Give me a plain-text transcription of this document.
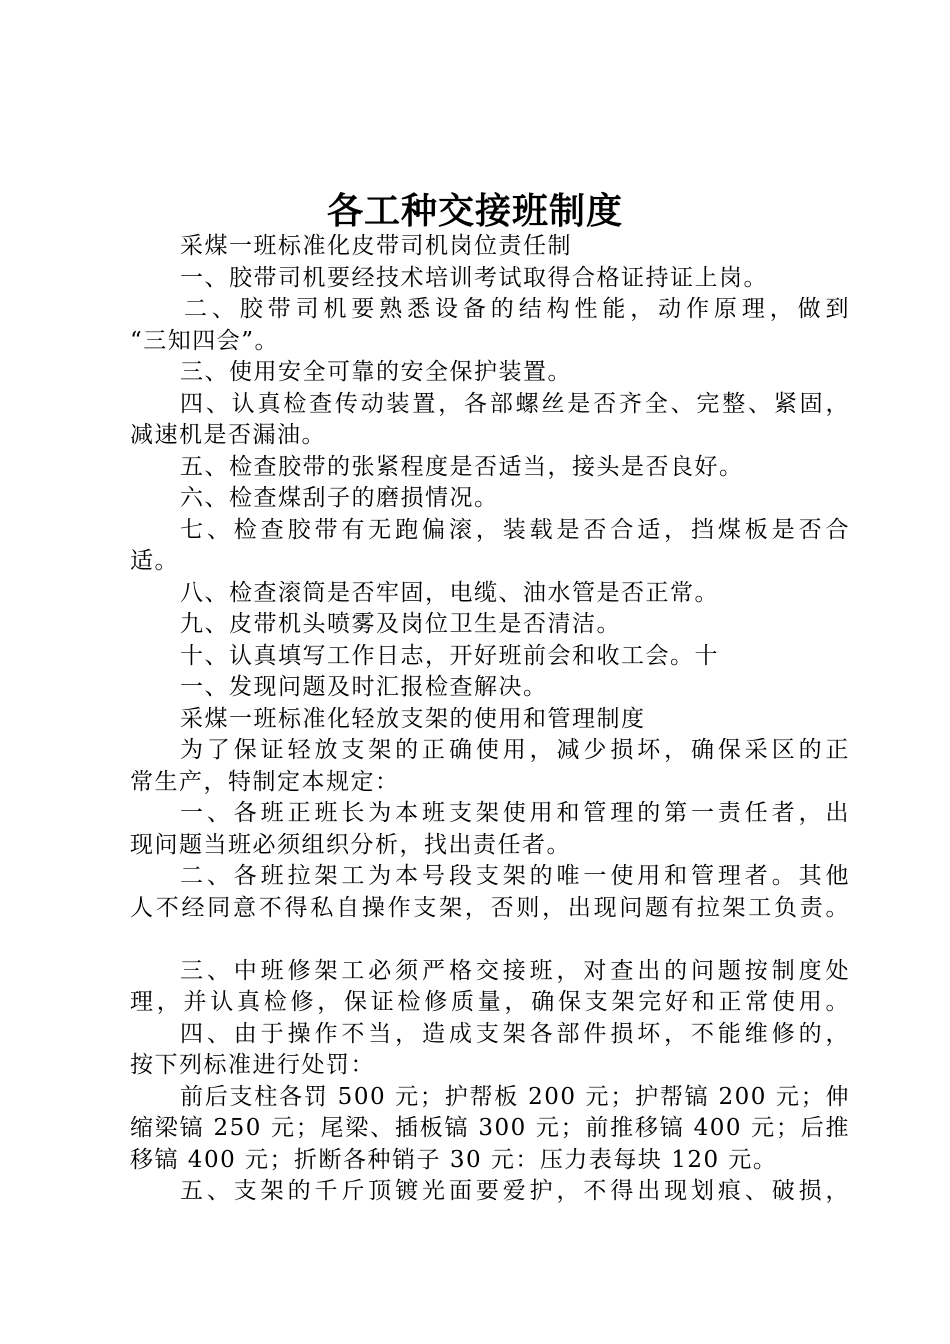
各工种交接班制度
采煤一班标准化皮带司机岗位责任制
一、胶带司机要经技术培训考试取得合格证持证上岗。
二、胶带司机要熟悉设备的结构性能，动作原理，做到
“三知四会”。
三、使用安全可靠的安全保护装置。
四、认真检查传动装置，各部螺丝是否齐全、完整、紧固，
减速机是否漏油。
五、检查胶带的张紧程度是否适当，接头是否良好。
六、检查煤刮子的磨损情况。
七、检查胶带有无跑偏滚，装载是否合适，挡煤板是否合
适。
八、检查滚筒是否牢固，电缆、油水管是否正常。
九、皮带机头喷雾及岗位卫生是否清洁。
十、认真填写工作日志，开好班前会和收工会。十
一、发现问题及时汇报检查解决。
采煤一班标准化轻放支架的使用和管理制度
为了保证轻放支架的正确使用，减少损坏，确保采区的正
常生产，特制定本规定：
一、各班正班长为本班支架使用和管理的第一责任者，出
现问题当班必须组织分析，找出责任者。
二、各班拉架工为本号段支架的唯一使用和管理者。其他
人不经同意不得私自操作支架，否则，出现问题有拉架工负责。
三、中班修架工必须严格交接班，对查出的问题按制度处
理，并认真检修，保证检修质量，确保支架完好和正常使用。
四、由于操作不当，造成支架各部件损坏，不能维修的，
按下列标准进行处罚：
前后支柱各罚 500 元；护帮板 200 元；护帮镐 200 元；伸
缩梁镐 250 元；尾梁、插板镐 300 元；前推移镐 400 元；后推
移镐 400 元；折断各种销子 30 元：压力表每块 120 元。
五、支架的千斤顶镀光面要爱护，不得出现划痕、破损，
